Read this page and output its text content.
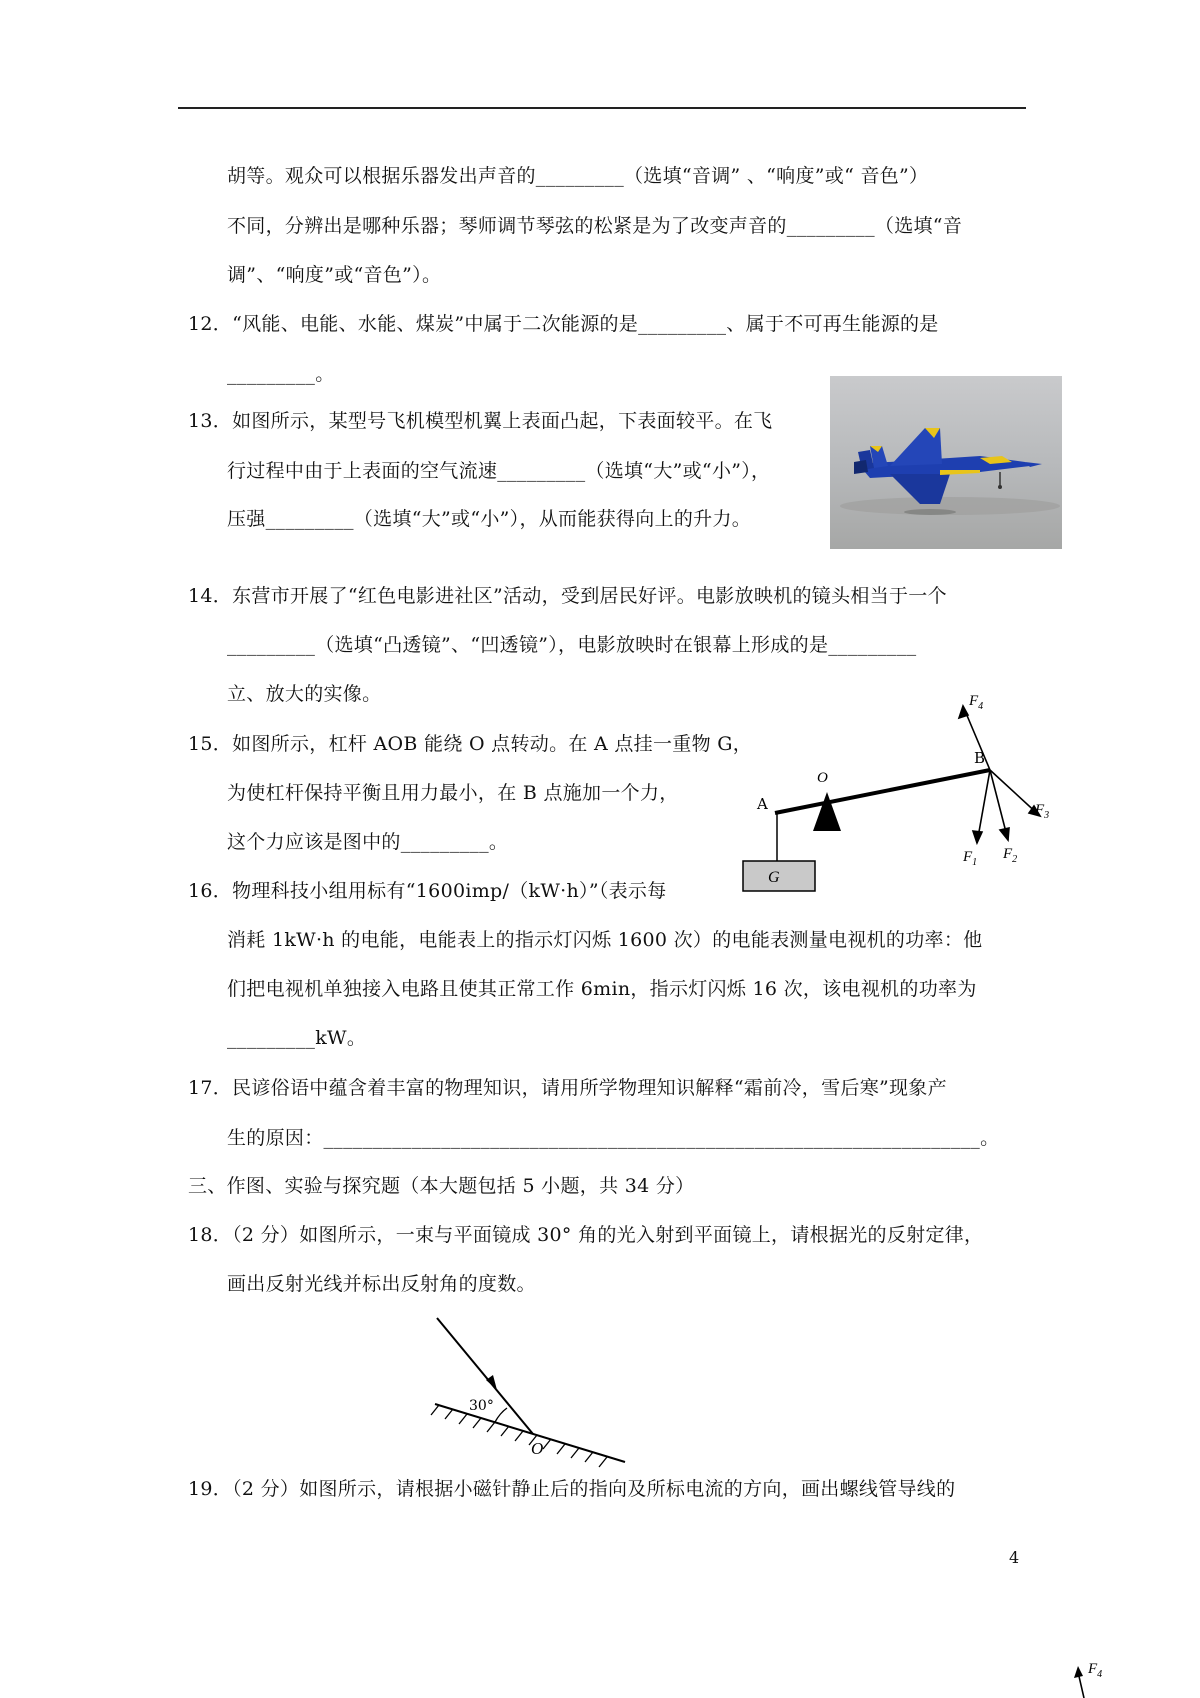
胡等。观众可以根据乐器发出声音的_________（选填“音调” 、“响度”或“ 音色”）
不同，分辨出是哪种乐器；琴师调节琴弦的松紧是为了改变声音的_________（选填“音
调”、“响度”或“音色”）。
12．“风能、电能、水能、煤炭”中属于二次能源的是_________、属于不可再生能源的是
_________。
13．如图所示，某型号飞机模型机翼上表面凸起，下表面较平。在飞
行过程中由于上表面的空气流速_________（选填“大”或“小”），
压强_________（选填“大”或“小”），从而能获得向上的升力。
14．东营市开展了“红色电影进社区”活动，受到居民好评。电影放映机的镜头相当于一个
_________（选填“凸透镜”、“凹透镜”），电影放映时在银幕上形成的是_________
立、放大的实像。
15．如图所示，杠杆 AOB 能绕 O 点转动。在 A 点挂一重物 G，
为使杠杆保持平衡且用力最小，在 B 点施加一个力，
这个力应该是图中的_________。
16．物理科技小组用标有“1600imp/（kW·h）”（表示每
消耗 1kW·h 的电能，电能表上的指示灯闪烁 1600 次）的电能表测量电视机的功率：他
们把电视机单独接入电路且使其正常工作 6min，指示灯闪烁 16 次，该电视机的功率为
_________kW。
17．民谚俗语中蕴含着丰富的物理知识，请用所学物理知识解释“霜前冷，雪后寒”现象产
生的原因：___________________________________________________________________。
三、作图、实验与探究题（本大题包括 5 小题，共 34 分）
18．（2 分）如图所示，一束与平面镜成 30° 角的光入射到平面镜上，请根据光的反射定律，
画出反射光线并标出反射角的度数。
19．（2 分）如图所示，请根据小磁针静止后的指向及所标电流的方向，画出螺线管导线的
G
$F_4$
B
O
A	$F_3$
$F_1$
$F_2$
30°
O
4
$F_4$
